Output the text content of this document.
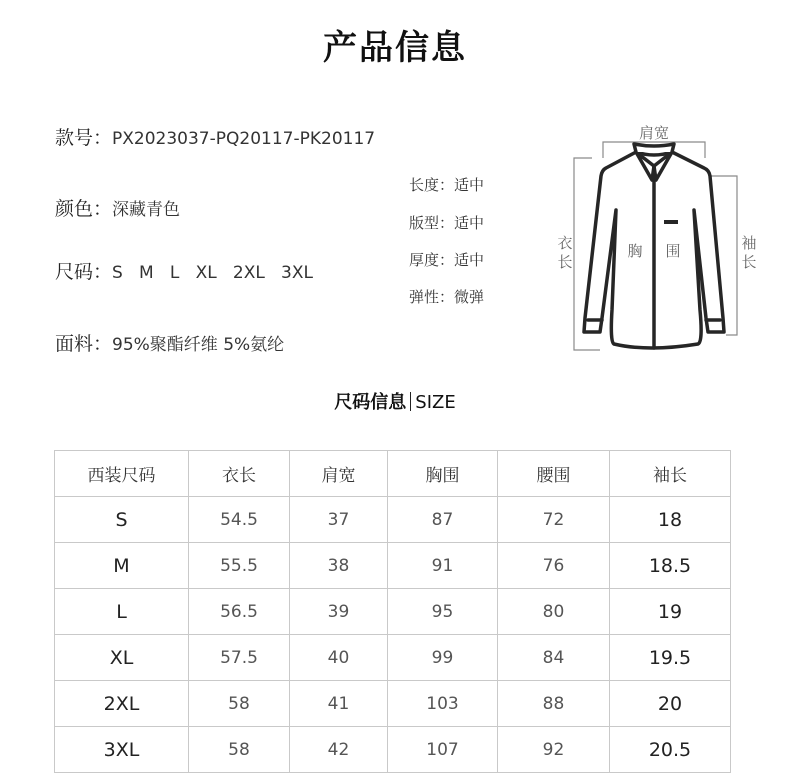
产品信息
款号：PX2023037-PQ20117-PK20117
颜色：深藏青色
尺码：S   M   L   XL   2XL   3XL
面料：95%聚酯纤维 5%氨纶
长度：适中
版型：适中
厚度：适中
弹性：微弹
肩宽
衣
长
胸 围	袖
长
尺码信息 SIZE
西装尺码	衣长	肩宽	胸围	腰围	袖长
S	54.5	37	87	72	18
M	55.5	38	91	76	18.5
L	56.5	39	95	80	19
XL	57.5	40	99	84	19.5
2XL	58	41	103	88	20
3XL	58	42	107	92	20.5
